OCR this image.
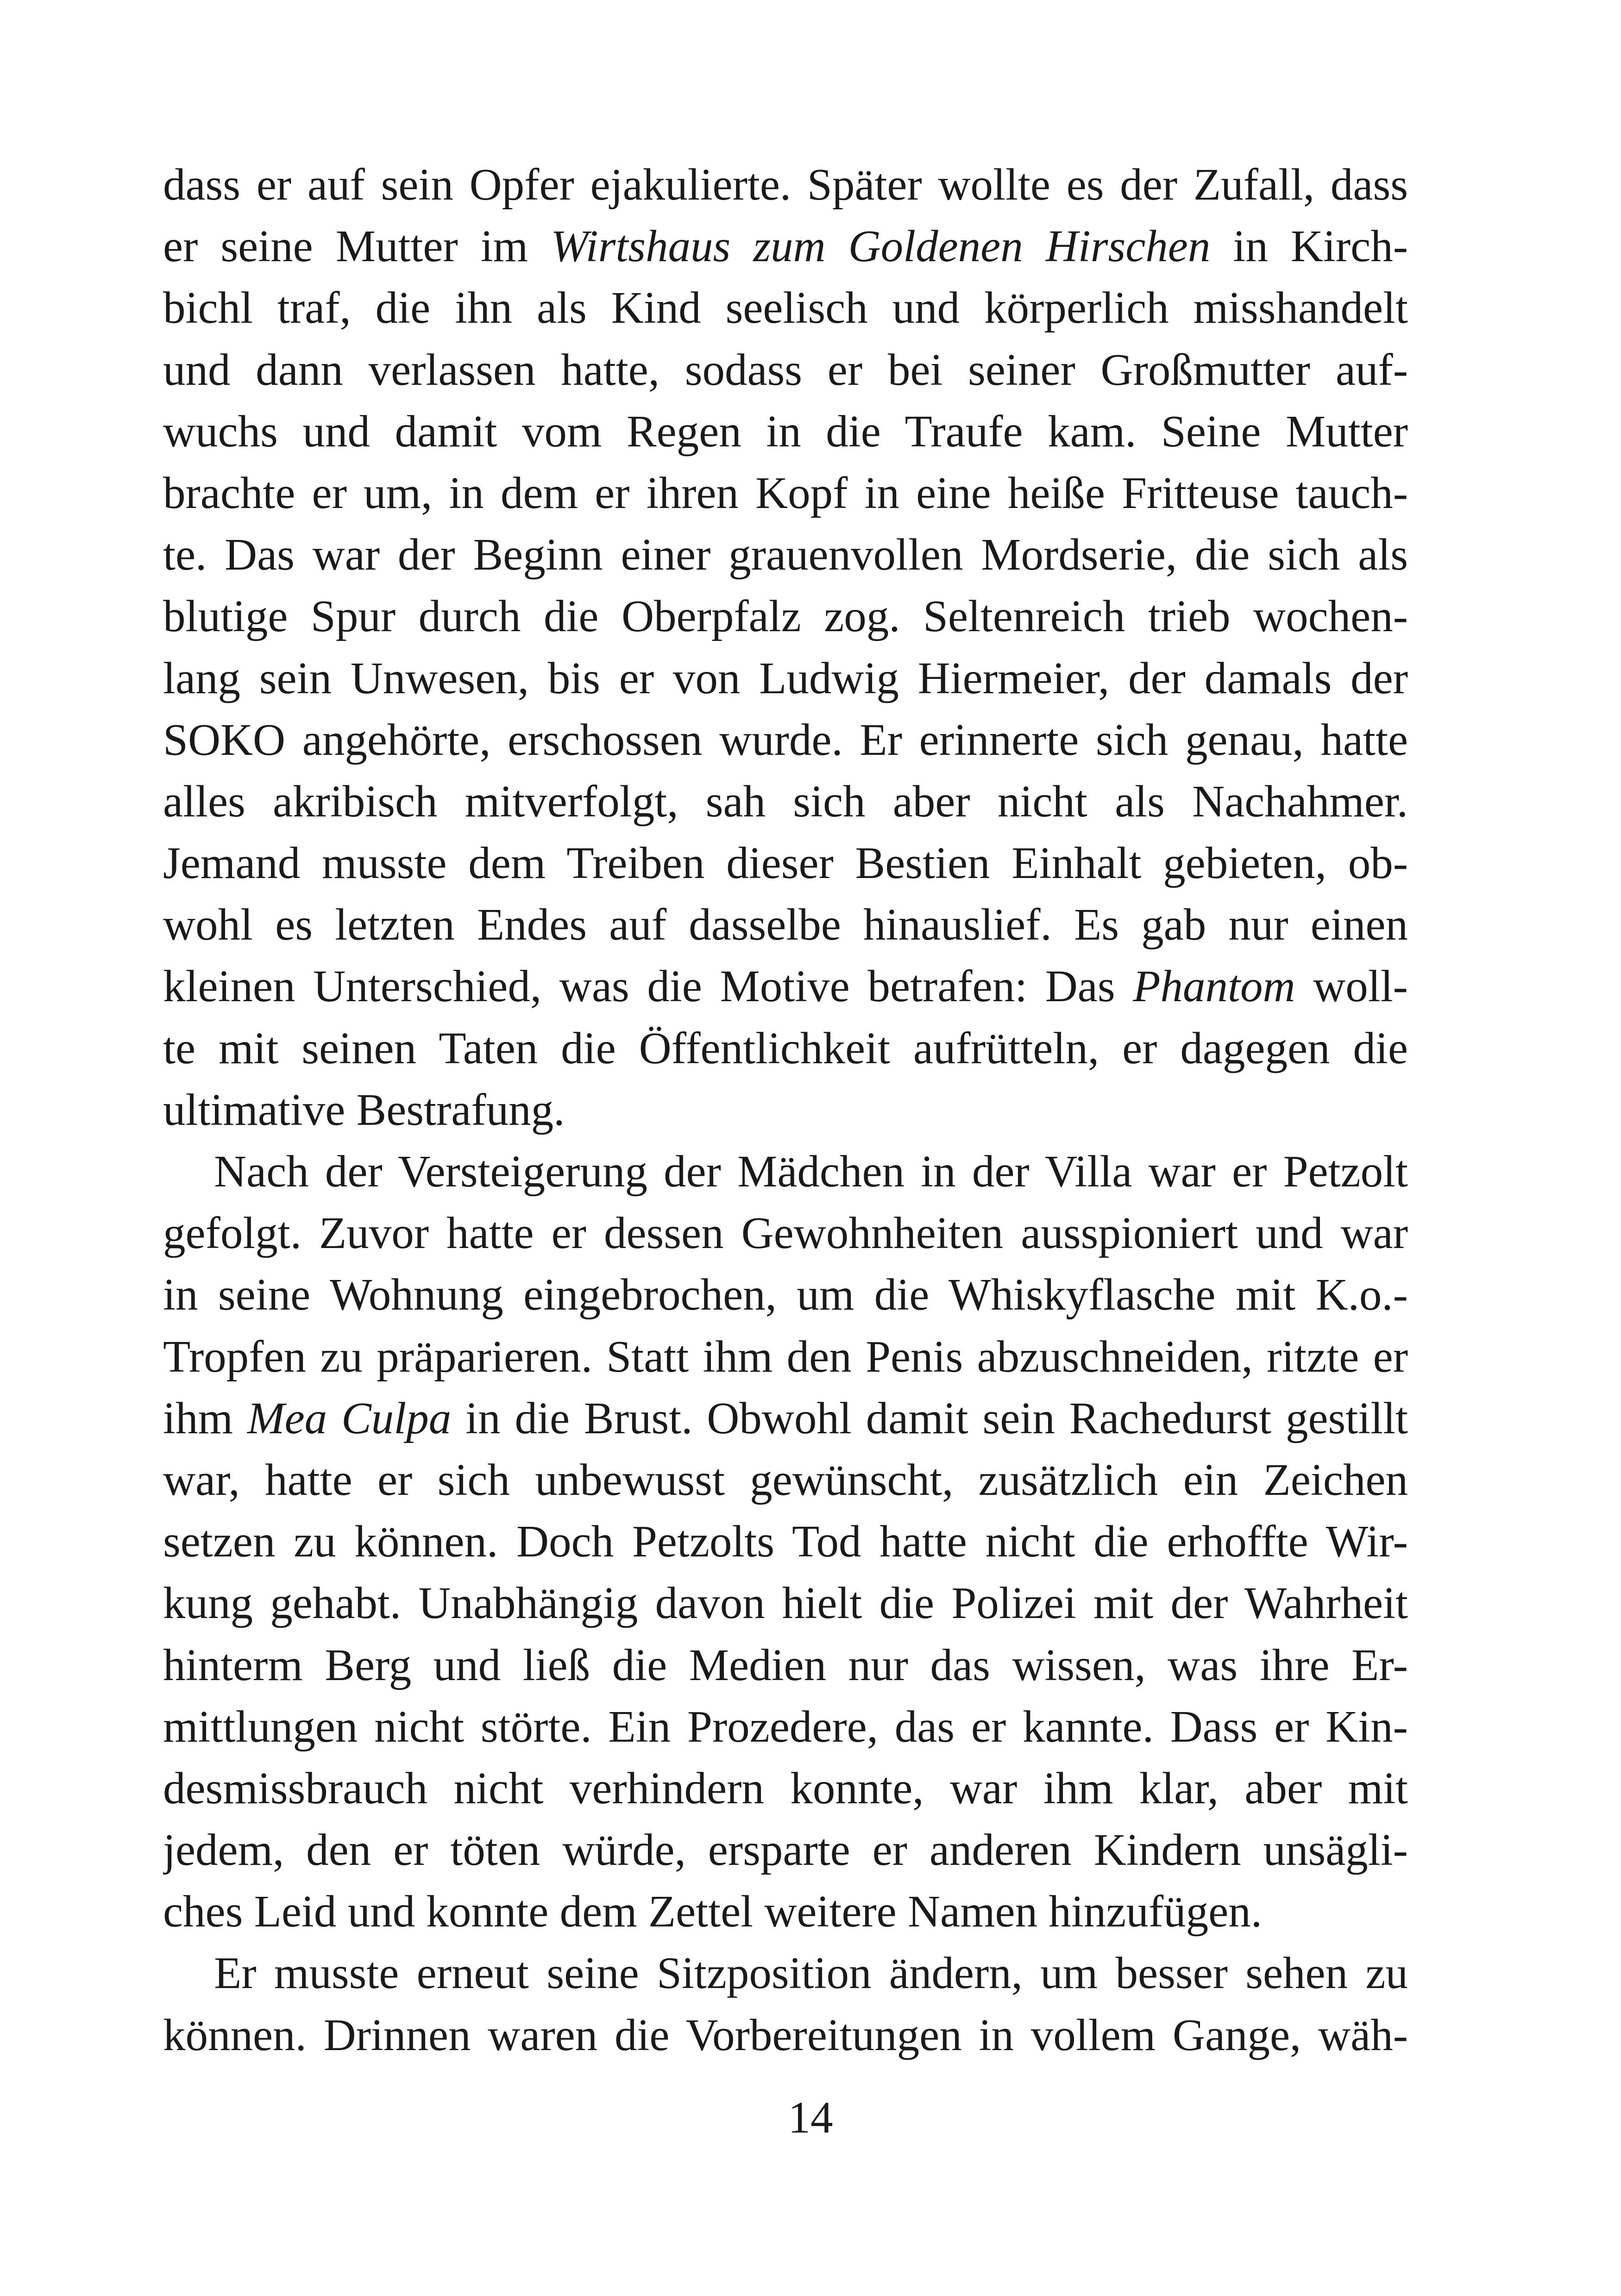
dass er auf sein Opfer ejakulierte. Später wollte es der Zufall, dass
er seine Mutter im Wirtshaus zum Goldenen Hirschen in Kirch-
bichl traf, die ihn als Kind seelisch und körperlich misshandelt
und dann verlassen hatte, sodass er bei seiner Großmutter auf-
wuchs und damit vom Regen in die Traufe kam. Seine Mutter
brachte er um, in dem er ihren Kopf in eine heiße Fritteuse tauch-
te. Das war der Beginn einer grauenvollen Mordserie, die sich als
blutige Spur durch die Oberpfalz zog. Seltenreich trieb wochen-
lang sein Unwesen, bis er von Ludwig Hiermeier, der damals der
SOKO angehörte, erschossen wurde. Er erinnerte sich genau, hatte
alles akribisch mitverfolgt, sah sich aber nicht als Nachahmer.
Jemand musste dem Treiben dieser Bestien Einhalt gebieten, ob-
wohl es letzten Endes auf dasselbe hinauslief. Es gab nur einen
kleinen Unterschied, was die Motive betrafen: Das Phantom woll-
te mit seinen Taten die Öffentlichkeit aufrütteln, er dagegen die
ultimative Bestrafung.
Nach der Versteigerung der Mädchen in der Villa war er Petzolt
gefolgt. Zuvor hatte er dessen Gewohnheiten ausspioniert und war
in seine Wohnung eingebrochen, um die Whiskyflasche mit K.o.-
Tropfen zu präparieren. Statt ihm den Penis abzuschneiden, ritzte er
ihm Mea Culpa in die Brust. Obwohl damit sein Rachedurst gestillt
war, hatte er sich unbewusst gewünscht, zusätzlich ein Zeichen
setzen zu können. Doch Petzolts Tod hatte nicht die erhoffte Wir-
kung gehabt. Unabhängig davon hielt die Polizei mit der Wahrheit
hinterm Berg und ließ die Medien nur das wissen, was ihre Er-
mittlungen nicht störte. Ein Prozedere, das er kannte. Dass er Kin-
desmissbrauch nicht verhindern konnte, war ihm klar, aber mit
jedem, den er töten würde, ersparte er anderen Kindern unsägli-
ches Leid und konnte dem Zettel weitere Namen hinzufügen.
Er musste erneut seine Sitzposition ändern, um besser sehen zu
können. Drinnen waren die Vorbereitungen in vollem Gange, wäh-
14
